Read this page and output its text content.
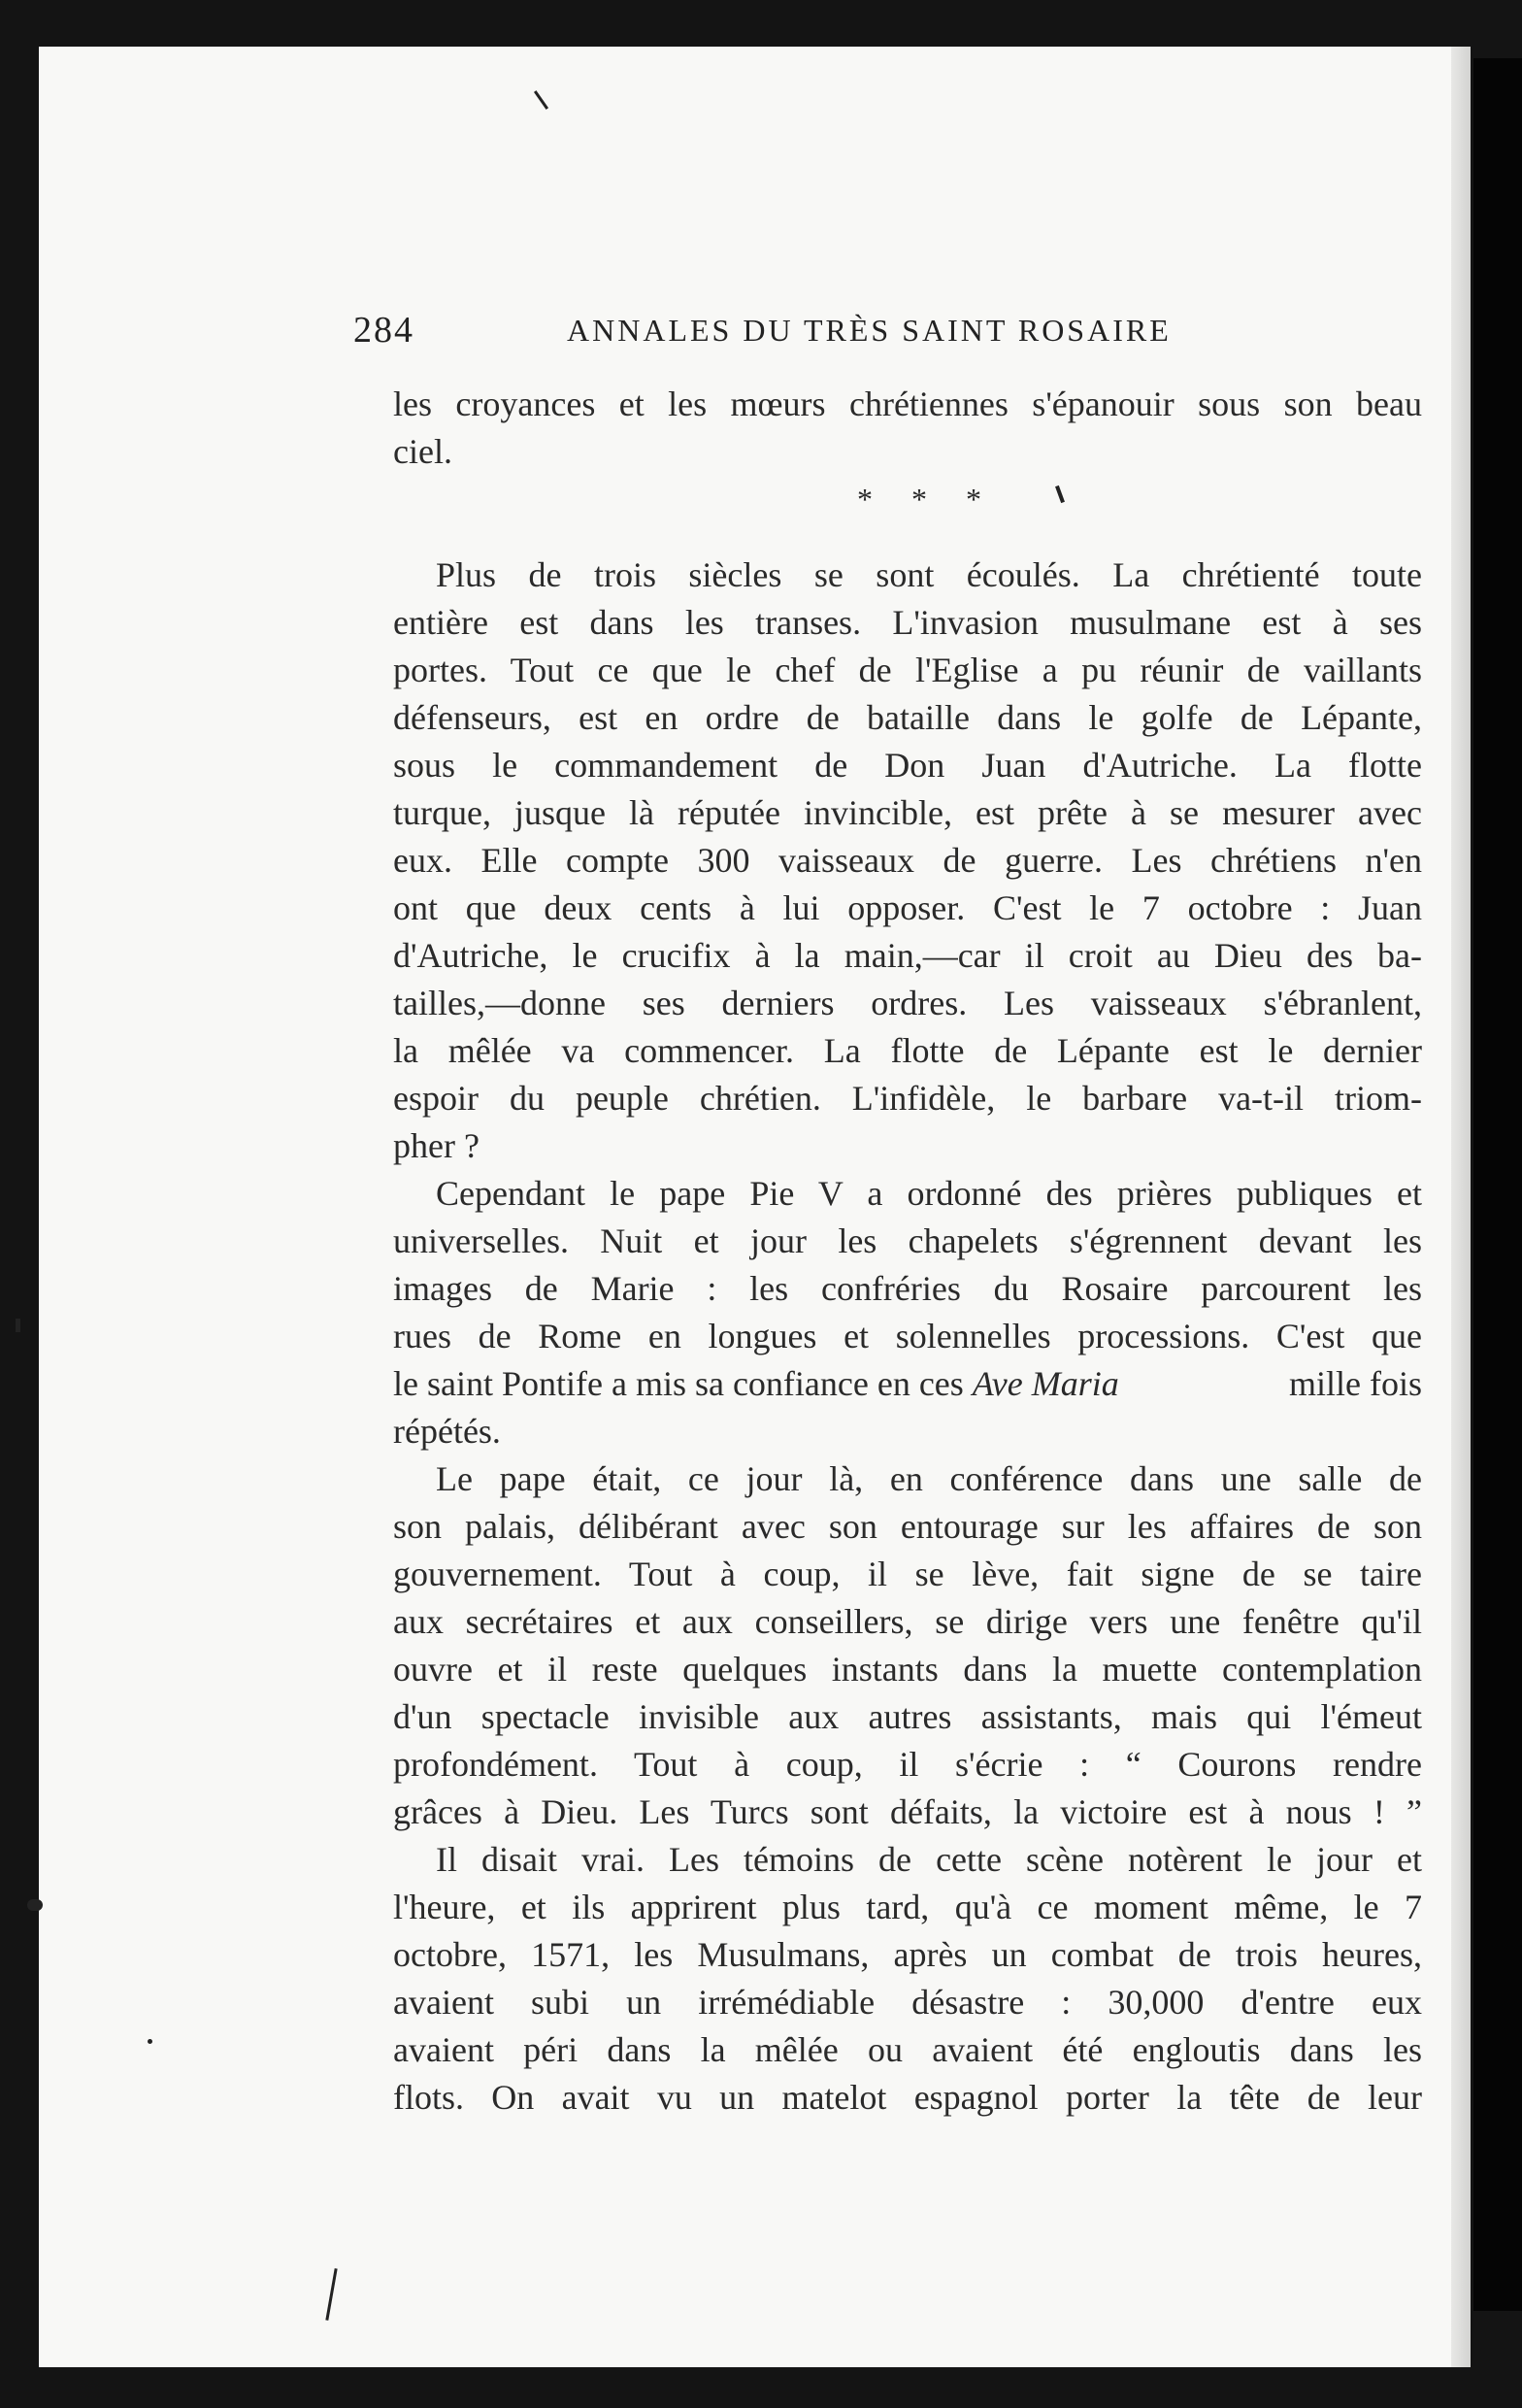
284	ANNALES DU TRÈS SAINT ROSAIRE
les croyances et les mœurs chrétiennes s'épanouir sous son beau
ciel.
* * *
Plus de trois siècles se sont écoulés. La chrétienté toute
entière est dans les transes. L'invasion musulmane est à ses
portes. Tout ce que le chef de l'Eglise a pu réunir de vaillants
défenseurs, est en ordre de bataille dans le golfe de Lépante,
sous le commandement de Don Juan d'Autriche. La flotte
turque, jusque là réputée invincible, est prête à se mesurer avec
eux. Elle compte 300 vaisseaux de guerre. Les chrétiens n'en
ont que deux cents à lui opposer. C'est le 7 octobre : Juan
d'Autriche, le crucifix à la main,—car il croit au Dieu des ba-
tailles,—donne ses derniers ordres. Les vaisseaux s'ébranlent,
la mêlée va commencer. La flotte de Lépante est le dernier
espoir du peuple chrétien. L'infidèle, le barbare va-t-il triom-
pher ?
Cependant le pape Pie V a ordonné des prières publiques et
universelles. Nuit et jour les chapelets s'égrennent devant les
images de Marie : les confréries du Rosaire parcourent les
rues de Rome en longues et solennelles processions. C'est que
le saint Pontife a mis sa confiance en ces Ave Maria	mille fois
répétés.
Le pape était, ce jour là, en conférence dans une salle de
son palais, délibérant avec son entourage sur les affaires de son
gouvernement. Tout à coup, il se lève, fait signe de se taire
aux secrétaires et aux conseillers, se dirige vers une fenêtre qu'il
ouvre et il reste quelques instants dans la muette contemplation
d'un spectacle invisible aux autres assistants, mais qui l'émeut
profondément. Tout à coup, il s'écrie : “ Courons rendre
grâces à Dieu. Les Turcs sont défaits, la victoire est à nous ! ”
Il disait vrai. Les témoins de cette scène notèrent le jour et
l'heure, et ils apprirent plus tard, qu'à ce moment même, le 7
octobre, 1571, les Musulmans, après un combat de trois heures,
avaient subi un irrémédiable désastre : 30,000 d'entre eux
avaient péri dans la mêlée ou avaient été engloutis dans les
flots. On avait vu un matelot espagnol porter la tête de leur
